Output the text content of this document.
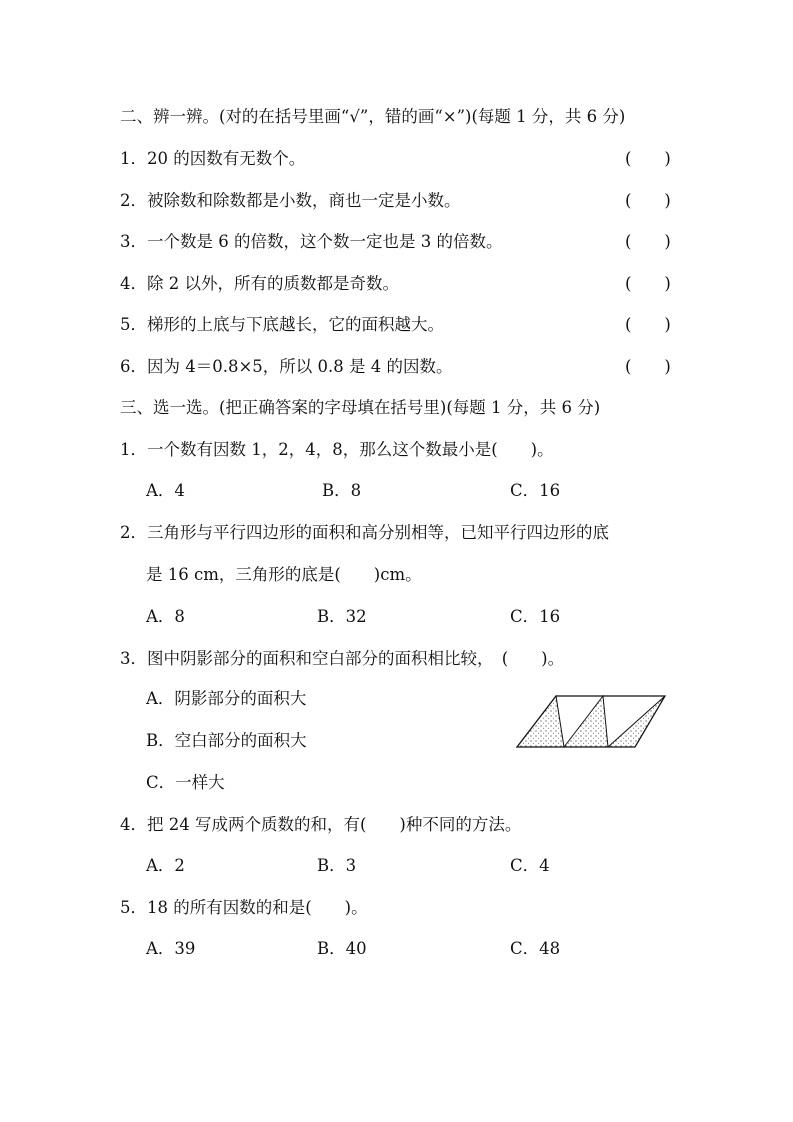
二、辨一辨。(对的在括号里画“√”，错的画“×”)(每题 1 分，共 6 分)
1．20 的因数有无数个。	(　　)
2．被除数和除数都是小数，商也一定是小数。	(　　)
3．一个数是 6 的倍数，这个数一定也是 3 的倍数。	(　　)
4．除 2 以外，所有的质数都是奇数。	(　　)
5．梯形的上底与下底越长，它的面积越大。	(　　)
6．因为 4＝0.8×5，所以 0.8 是 4 的因数。	(　　)
三、选一选。(把正确答案的字母填在括号里)(每题 1 分，共 6 分)
1．一个数有因数 1，2，4，8，那么这个数最小是(　　)。
A．4	B．8	C．16
2．三角形与平行四边形的面积和高分别相等，已知平行四边形的底
是 16 cm，三角形的底是(　　)cm。
A．8	B．32	C．16
3．图中阴影部分的面积和空白部分的面积相比较，　(　　)。
A．阴影部分的面积大
B．空白部分的面积大
C．一样大
4．把 24 写成两个质数的和，有(　　)种不同的方法。
A．2	B．3	C．4
5．18 的所有因数的和是(　　)。
A．39	B．40	C．48
